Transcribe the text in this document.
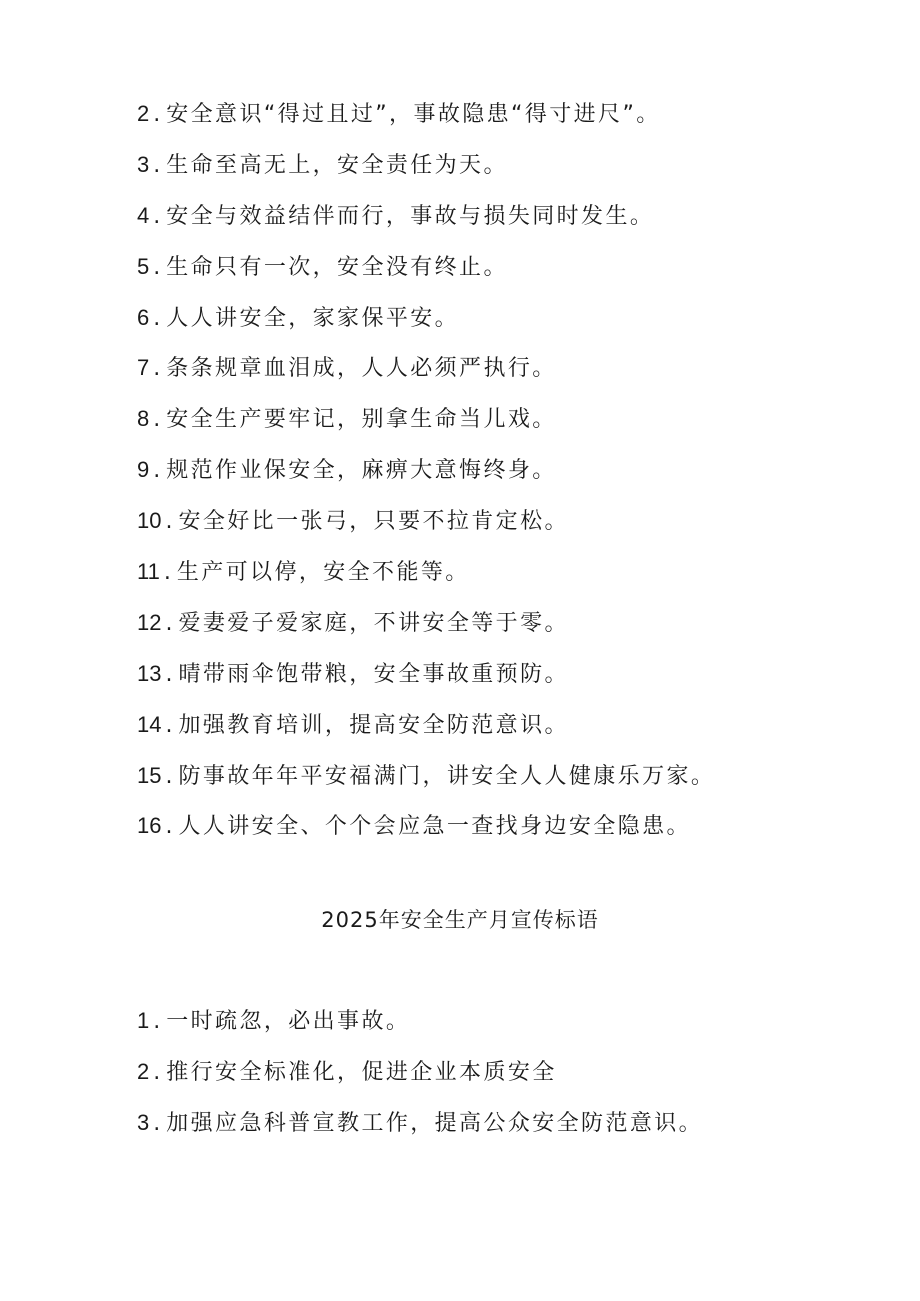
2 . 安全意识“得过且过”，事故隐患“得寸进尺”。
3 . 生命至高无上，安全责任为天。
4 . 安全与效益结伴而行，事故与损失同时发生。
5 . 生命只有一次，安全没有终止。
6 . 人人讲安全，家家保平安。
7 . 条条规章血泪成，人人必须严执行。
8 . 安全生产要牢记，别拿生命当儿戏。
9 . 规范作业保安全，麻痹大意悔终身。
10 . 安全好比一张弓，只要不拉肯定松。
11 . 生产可以停，安全不能等。
12 . 爱妻爱子爱家庭，不讲安全等于零。
13 . 晴带雨伞饱带粮，安全事故重预防。
14 . 加强教育培训，提高安全防范意识。
15 . 防事故年年平安福满门，讲安全人人健康乐万家。
16 . 人人讲安全、个个会应急一查找身边安全隐患。
2025年安全生产月宣传标语
1 . 一时疏忽，必出事故。
2 . 推行安全标准化，促进企业本质安全
3 . 加强应急科普宣教工作，提高公众安全防范意识。
